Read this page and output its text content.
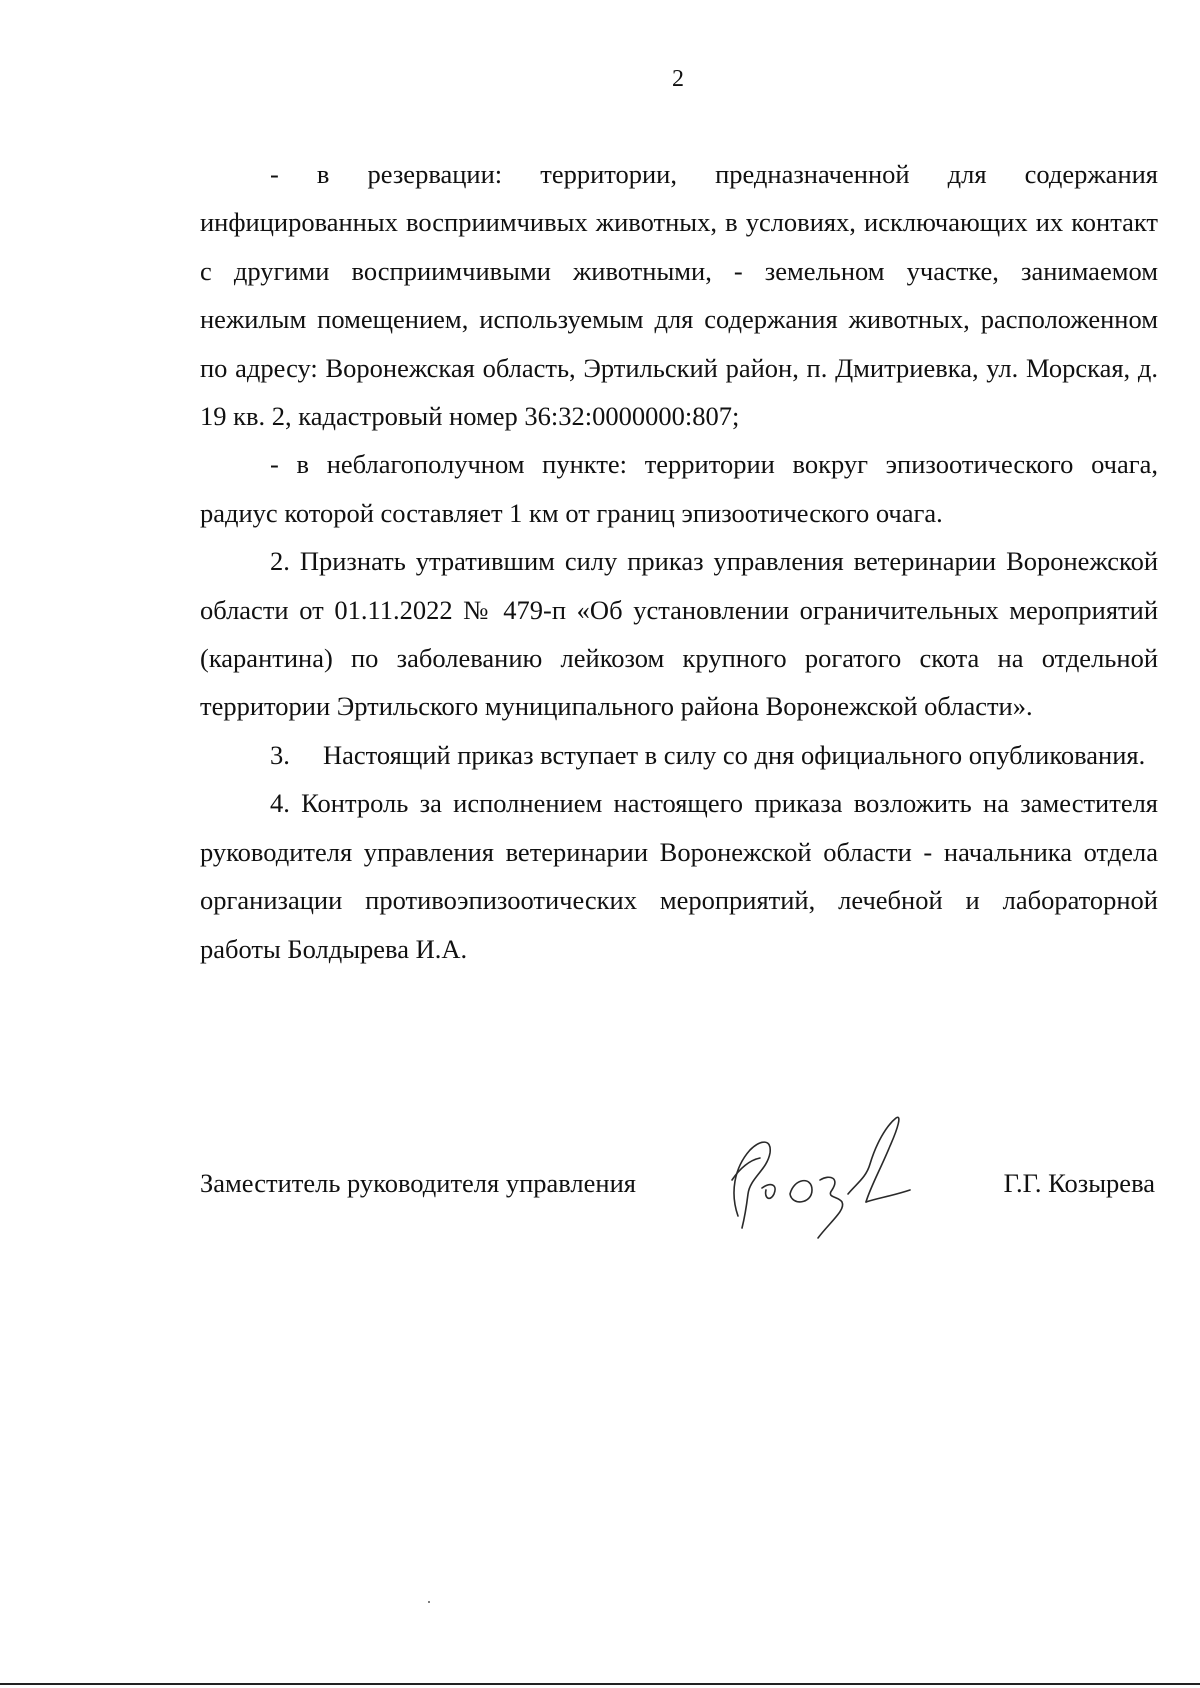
2

- в резервации: территории, предназначенной для содержания инфицированных восприимчивых животных, в условиях, исключающих их контакт с другими восприимчивыми животными, - земельном участке, занимаемом нежилым помещением, используемым для содержания животных, расположенном по адресу: Воронежская область, Эртильский район, п. Дмитриевка, ул. Морская, д. 19 кв. 2, кадастровый номер 36:32:0000000:807;

- в неблагополучном пункте: территории вокруг эпизоотического очага, радиус которой составляет 1 км от границ эпизоотического очага.

2. Признать утратившим силу приказ управления ветеринарии Воронежской области от 01.11.2022 № 479-п «Об установлении ограничительных мероприятий (карантина) по заболеванию лейкозом крупного рогатого скота на отдельной территории Эртильского муниципального района Воронежской области».

3.  Настоящий приказ вступает в силу со дня официального опубликования.

4. Контроль за исполнением настоящего приказа возложить на заместителя руководителя управления ветеринарии Воронежской области - начальника отдела организации противоэпизоотических мероприятий, лечебной и лабораторной работы Болдырева И.А.

Заместитель руководителя управления	Г.Г. Козырева
